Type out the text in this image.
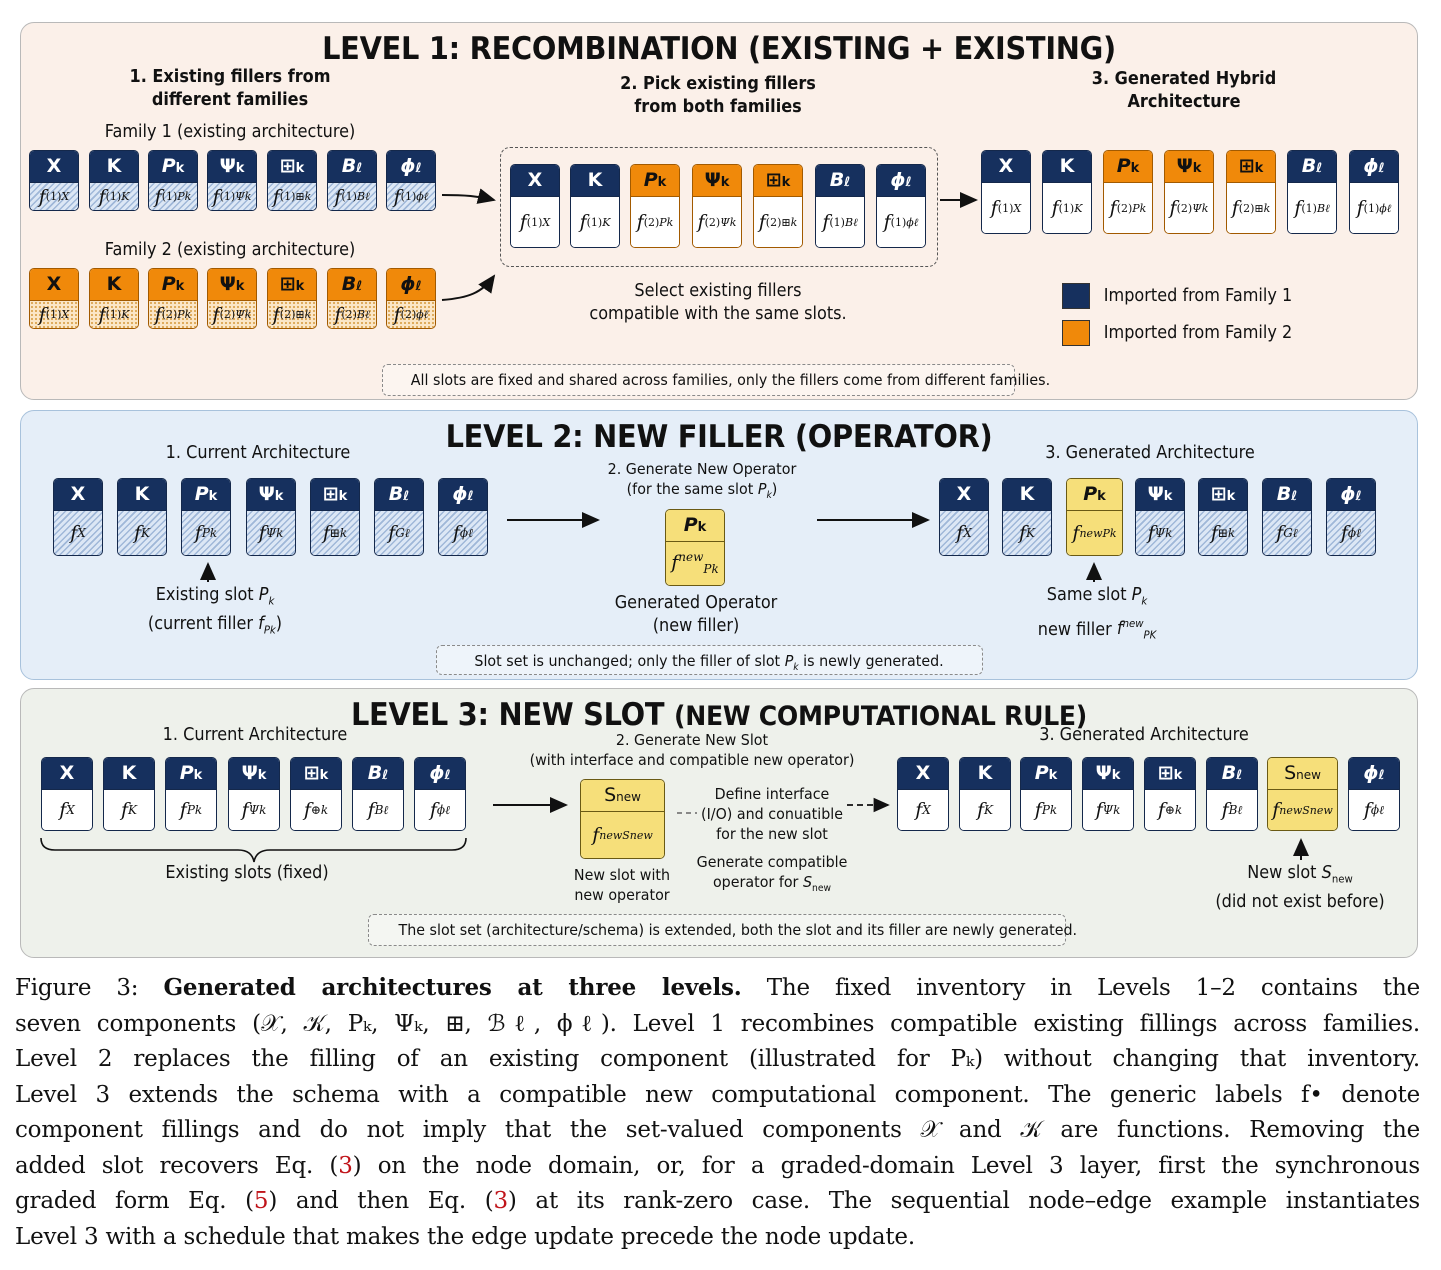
LEVEL 1: RECOMBINATION (EXISTING + EXISTING)
1. Existing fillers from
different families
Family 1 (existing architecture)
Family 2 (existing architecture)
2. Pick existing fillers
from both families
3. Generated Hybrid
Architecture
X
f (1) X
K
f (1) K
Pk
f (1) Pk
Ψk
f (1) Ψk
⊞k
f (1) ⊞k
Bℓ
f (1) Bℓ
ϕℓ
f (1) ϕℓ
X
f (1) X
K
f (1) K
Pk
f (2) Pk
Ψk
f (2) Ψk
⊞k
f (2) ⊞k
Bℓ
f (2) Bℓ
ϕℓ
f (2) ϕℓ
X
f (1) X
K
f (1) K
Pk
f (2) Pk
Ψk
f (2) Ψk
⊞k
f (2) ⊞k
Bℓ
f (1) Bℓ
ϕℓ
f (1) ϕℓ
Select existing fillers
compatible with the same slots.
X
f (1) X
K
f (1) K
Pk
f (2) Pk
Ψk
f (2) Ψk
⊞k
f (2) ⊞k
Bℓ
f (1) Bℓ
ϕℓ
f (1) ϕℓ
Imported from Family 1
Imported from Family 2
All slots are fixed and shared across families, only the fillers come from different families.
LEVEL 2: NEW FILLER (OPERATOR)
1. Current Architecture
2. Generate New Operator
(for the same slot $P_k$)
3. Generated Architecture
X
f X
K
f K
Pk
f Pk
Ψk
f Ψk
⊞k
f ⊞k
Bℓ
f Gℓ
ϕℓ
f ϕℓ	Pk
$f^{new}_{Pk}$
X
f X
K
f K
Pk
f new Pk
Ψk
f Ψk
⊞k
f ⊞k
Bℓ
f Gℓ
ϕℓ
f ϕℓ
Existing slot $P_k$
(current filler $f_{Pk}$)
Generated Operator
(new filler)
Same slot $P_k$
new filler $f^{new}_{PK}$
Slot set is unchanged; only the filler of slot $P_k$ is newly generated.
LEVEL 3: NEW SLOT (NEW COMPUTATIONAL RULE)
1. Current Architecture	2. Generate New Slot
(with interface and compatible new operator)
3. Generated Architecture
X
f X
K
f K
Pk
f Pk
Ψk
f Ψk
⊞k
f ⊕k
Bℓ
f Bℓ
ϕℓ
f ϕℓ
Existing slots (fixed)
Snew
f new Snew
New slot with
new operator
Define interface
(I/O) and conuatible
for the new slot
Generate compatible
operator for $S_{new}$
X
f X
K
f K
Pk
f Pk
Ψk
f Ψk
⊞k
f ⊕k
Bℓ
f Bℓ
Snew
f new Snew
ϕℓ
f ϕℓ
New slot $S_{new}$
(did not exist before)
The slot set (architecture/schema) is extended, both the slot and its filler are newly generated.
Figure 3: Generated architectures at three levels. The fixed inventory in Levels 1–2 contains the
seven components (𝒳, 𝒦, Pₖ, Ψₖ, ⊞, ℬℓ, ϕℓ). Level 1 recombines compatible existing fillings across families.
Level 2 replaces the filling of an existing component (illustrated for Pₖ) without changing that inventory.
Level 3 extends the schema with a compatible new computational component. The generic labels f• denote
component fillings and do not imply that the set-valued components 𝒳 and 𝒦 are functions. Removing the
added slot recovers Eq. (3) on the node domain, or, for a graded-domain Level 3 layer, first the synchronous
graded form Eq. (5) and then Eq. (3) at its rank-zero case. The sequential node–edge example instantiates
Level 3 with a schedule that makes the edge update precede the node update.
